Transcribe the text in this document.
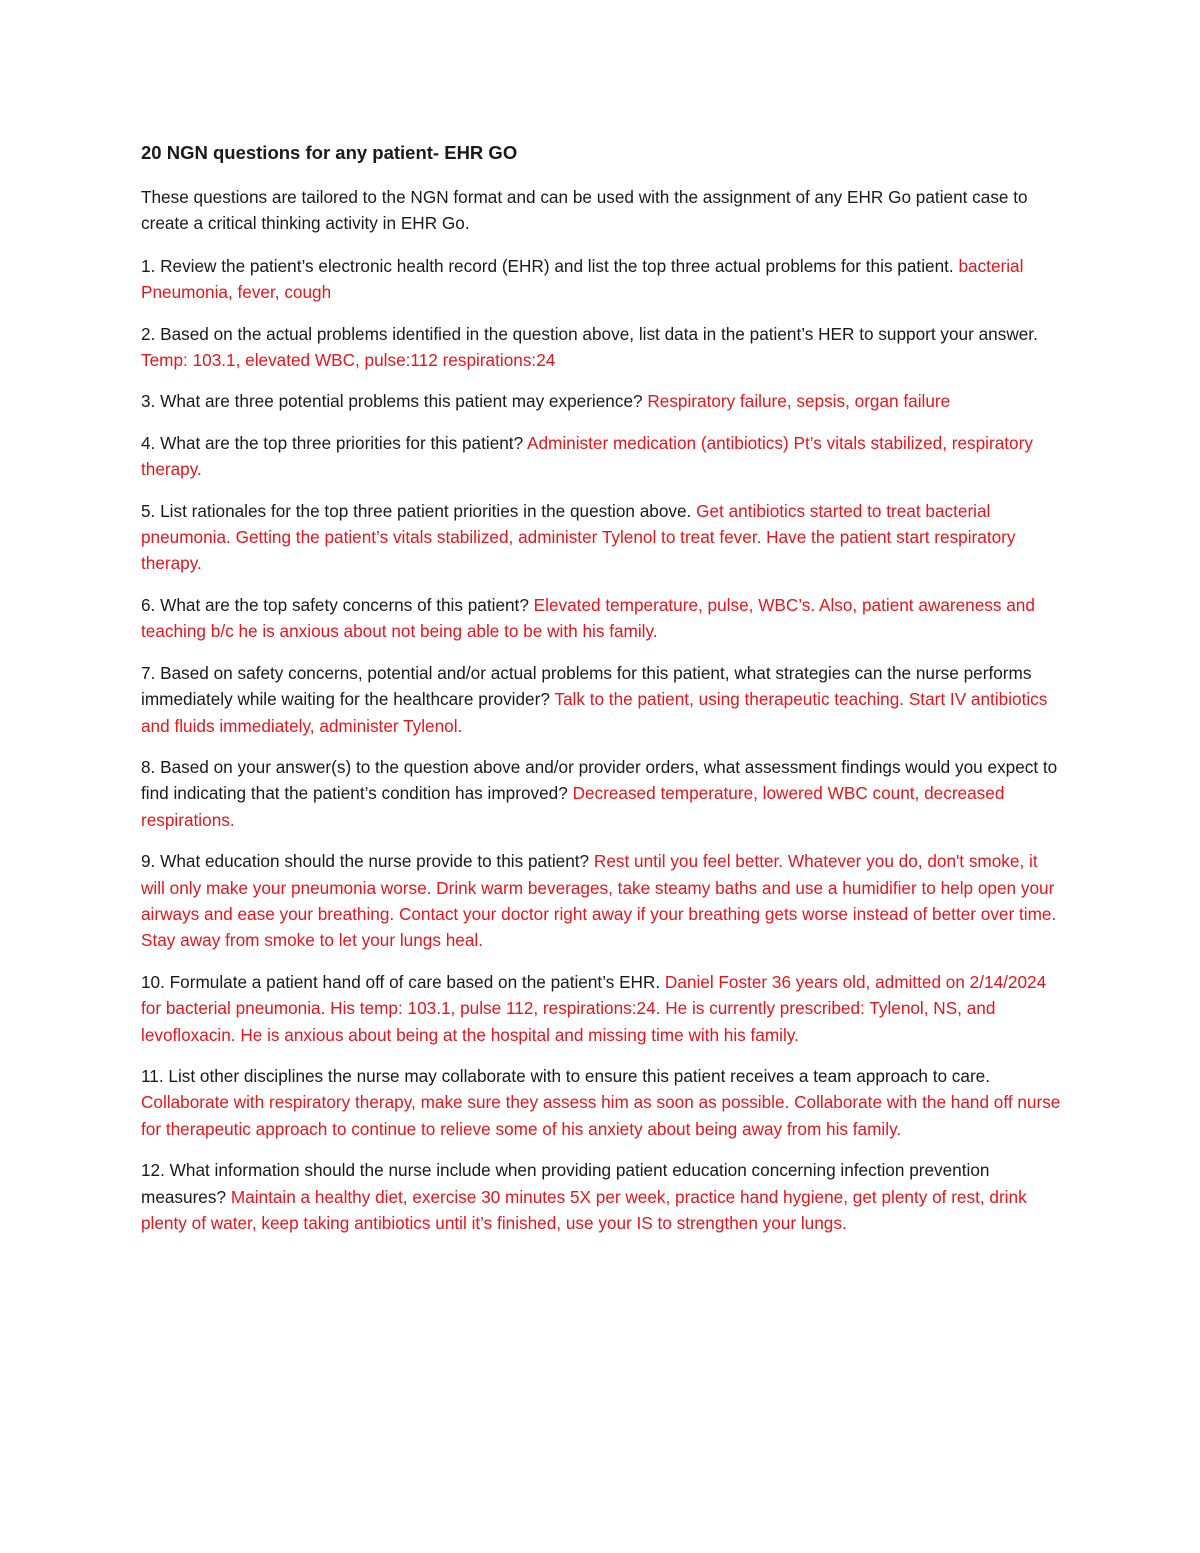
20 NGN questions for any patient- EHR GO

These questions are tailored to the NGN format and can be used with the assignment of any EHR Go patient case to create a critical thinking activity in EHR Go.

1. Review the patient’s electronic health record (EHR) and list the top three actual problems for this patient. bacterial Pneumonia, fever, cough

2. Based on the actual problems identified in the question above, list data in the patient’s HER to support your answer. Temp: 103.1, elevated WBC, pulse:112 respirations:24

3. What are three potential problems this patient may experience? Respiratory failure, sepsis, organ failure

4. What are the top three priorities for this patient? Administer medication (antibiotics) Pt’s vitals stabilized, respiratory therapy.

5. List rationales for the top three patient priorities in the question above. Get antibiotics started to treat bacterial pneumonia. Getting the patient’s vitals stabilized, administer Tylenol to treat fever. Have the patient start respiratory therapy.

6. What are the top safety concerns of this patient? Elevated temperature, pulse, WBC’s. Also, patient awareness and teaching b/c he is anxious about not being able to be with his family.

7. Based on safety concerns, potential and/or actual problems for this patient, what strategies can the nurse performs immediately while waiting for the healthcare provider? Talk to the patient, using therapeutic teaching. Start IV antibiotics and fluids immediately, administer Tylenol.

8. Based on your answer(s) to the question above and/or provider orders, what assessment findings would you expect to find indicating that the patient’s condition has improved? Decreased temperature, lowered WBC count, decreased respirations.

9. What education should the nurse provide to this patient? Rest until you feel better. Whatever you do, don't smoke, it will only make your pneumonia worse. Drink warm beverages, take steamy baths and use a humidifier to help open your airways and ease your breathing. Contact your doctor right away if your breathing gets worse instead of better over time. Stay away from smoke to let your lungs heal.

10. Formulate a patient hand off of care based on the patient’s EHR. Daniel Foster 36 years old, admitted on 2/14/2024 for bacterial pneumonia. His temp: 103.1, pulse 112, respirations:24. He is currently prescribed: Tylenol, NS, and levofloxacin. He is anxious about being at the hospital and missing time with his family.

11. List other disciplines the nurse may collaborate with to ensure this patient receives a team approach to care. Collaborate with respiratory therapy, make sure they assess him as soon as possible. Collaborate with the hand off nurse for therapeutic approach to continue to relieve some of his anxiety about being away from his family.

12. What information should the nurse include when providing patient education concerning infection prevention measures? Maintain a healthy diet, exercise 30 minutes 5X per week, practice hand hygiene, get plenty of rest, drink plenty of water, keep taking antibiotics until it’s finished, use your IS to strengthen your lungs.
